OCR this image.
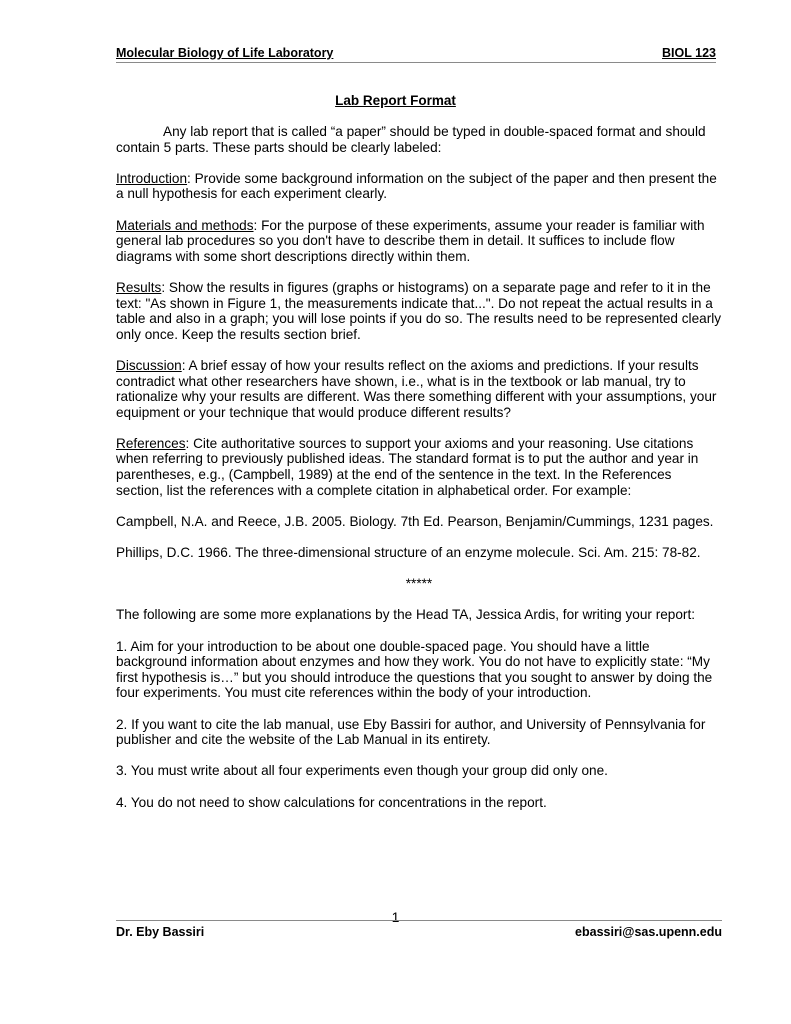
Molecular Biology of Life Laboratory	BIOL 123
Lab Report Format

Any lab report that is called “a paper” should be typed in double-spaced format and should contain 5 parts. These parts should be clearly labeled:

Introduction: Provide some background information on the subject of the paper and then present the a null hypothesis for each experiment clearly.

Materials and methods: For the purpose of these experiments, assume your reader is familiar with general lab procedures so you don't have to describe them in detail. It suffices to include flow diagrams with some short descriptions directly within them.

Results: Show the results in figures (graphs or histograms) on a separate page and refer to it in the text: "As shown in Figure 1, the measurements indicate that...". Do not repeat the actual results in a table and also in a graph; you will lose points if you do so. The results need to be represented clearly only once. Keep the results section brief.

Discussion: A brief essay of how your results reflect on the axioms and predictions. If your results contradict what other researchers have shown, i.e., what is in the textbook or lab manual, try to rationalize why your results are different. Was there something different with your assumptions, your equipment or your technique that would produce different results?

References: Cite authoritative sources to support your axioms and your reasoning. Use citations when referring to previously published ideas. The standard format is to put the author and year in parentheses, e.g., (Campbell, 1989) at the end of the sentence in the text. In the References section, list the references with a complete citation in alphabetical order. For example:

Campbell, N.A. and Reece, J.B. 2005. Biology. 7th Ed. Pearson, Benjamin/Cummings, 1231 pages.

Phillips, D.C. 1966. The three-dimensional structure of an enzyme molecule. Sci. Am. 215: 78-82.

*****

The following are some more explanations by the Head TA, Jessica Ardis, for writing your report:

1. Aim for your introduction to be about one double-spaced page. You should have a little background information about enzymes and how they work. You do not have to explicitly state: “My first hypothesis is…” but you should introduce the questions that you sought to answer by doing the four experiments. You must cite references within the body of your introduction.

2. If you want to cite the lab manual, use Eby Bassiri for author, and University of Pennsylvania for publisher and cite the website of the Lab Manual in its entirety.

3. You must write about all four experiments even though your group did only one.

4. You do not need to show calculations for concentrations in the report.

1
Dr. Eby Bassiri	ebassiri@sas.upenn.edu
